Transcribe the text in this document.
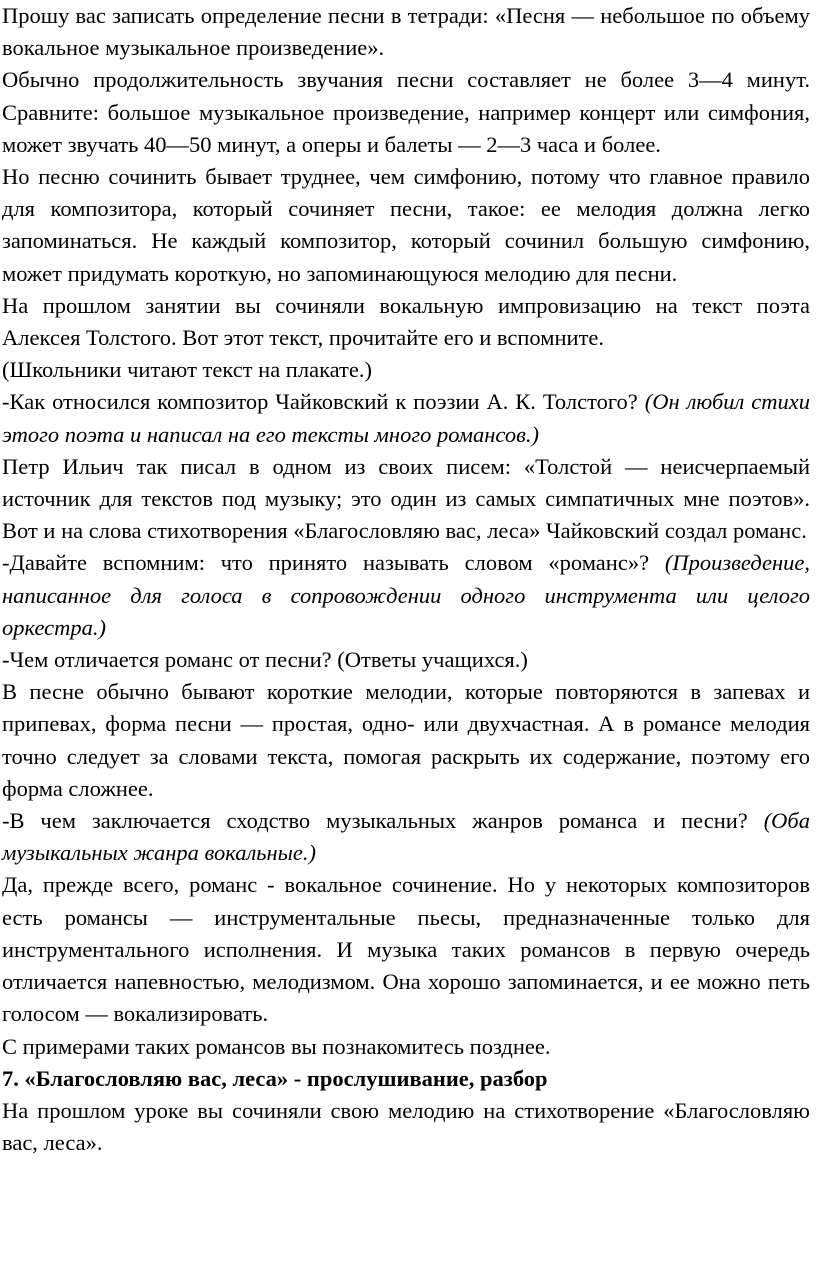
Прошу вас записать определение песни в тетради: «Песня — небольшое по объему вокальное музыкальное произведение».

Обычно продолжительность звучания песни составляет не более 3—4 минут. Сравните: большое музыкальное произведение, например концерт или симфония, может звучать 40—50 минут, а оперы и балеты — 2—3 часа и более.

Но песню сочинить бывает труднее, чем симфонию, потому что главное правило для композитора, который сочиняет песни, такое: ее мелодия должна легко запоминаться. Не каждый композитор, который сочинил большую симфонию, может придумать короткую, но запоминающуюся мелодию для песни.

На прошлом занятии вы сочиняли вокальную импровизацию на текст поэта Алексея Толстого. Вот этот текст, прочитайте его и вспомните.

(Школьники читают текст на плакате.)

-Как относился композитор Чайковский к поэзии А. К. Толстого? (Он любил стихи этого поэта и написал на его тексты много романсов.)

Петр Ильич так писал в одном из своих писем: «Толстой — неисчерпаемый источник для текстов под музыку; это один из самых симпатичных мне поэтов». Вот и на слова стихотворения «Благословляю вас, леса» Чайковский создал романс.

-Давайте вспомним: что принято называть словом «романс»? (Произведение, написанное для голоса в сопровождении одного инструмента или целого оркестра.)

-Чем отличается романс от песни? (Ответы учащихся.)

В песне обычно бывают короткие мелодии, которые повторяются в запевах и припевах, форма песни — простая, одно- или двухчастная. А в романсе мелодия точно следует за словами текста, помогая раскрыть их содержание, поэтому его форма сложнее.

-В чем заключается сходство музыкальных жанров романса и песни? (Оба музыкальных жанра вокальные.)

Да, прежде всего, романс - вокальное сочинение. Но у некоторых композиторов есть романсы — инструментальные пьесы, предназначенные только для инструментального исполнения. И музыка таких романсов в первую очередь отличается напевностью, мелодизмом. Она хорошо запоминается, и ее можно петь голосом — вокализировать.

С примерами таких романсов вы познакомитесь позднее.

7. «Благословляю вас, леса» - прослушивание, разбор

На прошлом уроке вы сочиняли свою мелодию на стихотворение «Благословляю вас, леса».
